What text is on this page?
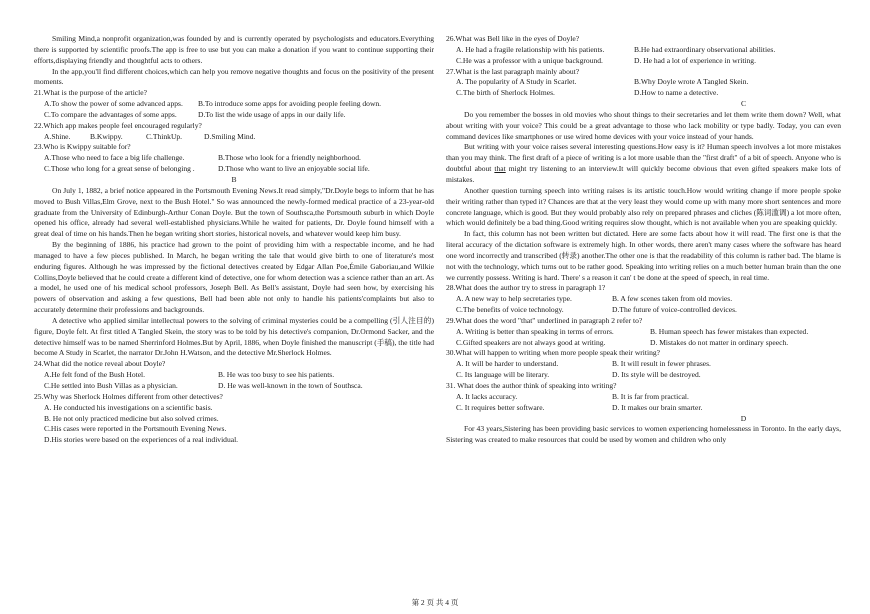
Smiling Mind,a nonprofit organization,was founded by and is currently operated by psychologists and educators.Everything there is supported by scientific proofs.The app is free to use but you can make a donation if you want to continue supporting their efforts,displaying friendly and thoughtful acts to others.

In the app,you'll find different choices,which can help you remove negative thoughts and focus on the positivity of the present moments.

21.What is the purpose of the article?

A.To show the power of some advanced apps. B.To introduce some apps for avoiding people feeling down.
C.To compare the advantages of some apps.	D.To list the wide usage of apps in our daily life.

22.Which app makes people feel encouraged regularly?

A.Shine.	B.Kwippy.	C.ThinkUp.	D.Smiling Mind.

23.Who is Kwippy suitable for?

A.Those who need to face a big life challenge.	B.Those who look for a friendly neighborhood.
C.Those who long for a great sense of belonging .	D.Those who want to live an enjoyable social life.

B

On July 1, 1882, a brief notice appeared in the Portsmouth Evening News.It read simply,"Dr.Doyle begs to inform that he has moved to Bush Villas,Elm Grove, next to the Bush Hotel." So was announced the newly-formed medical practice of a 23-year-old graduate from the University of Edinburgh-Arthur Conan Doyle. But the town of Southsca,the Portsmouth suburb in which Doyle opened his office, already had several well-established physicians.While he waited for patients, Dr. Doyle found himself with a great deal of time on his hands.Then he began writing short stories, historical novels, and whatever would keep him busy.

By the beginning of 1886, his practice had grown to the point of providing him with a respectable income, and he had managed to have a few pieces published. In March, he began writing the tale that would give birth to one of literature's most enduring figures. Although he was impressed by the fictional detectives created by Edgar Allan Poe,Émile Gaboriau,and Wilkie Collins,Doyle believed that he could create a different kind of detective, one for whom detection was a science rather than an art. As a model, he used one of his medical school professors, Joseph Bell. As Bell's assistant, Doyle had seen how, by exercising his powers of observation and asking a few questions, Bell had been able not only to handle his patients'complaints but also to accurately determine their professions and backgrounds.

A detective who applied similar intellectual powers to the solving of criminal mysteries could be a compelling (引人注目的) figure, Doyle felt. At first titled A Tangled Skein, the story was to be told by his detective's companion, Dr.Ormond Sacker, and the detective himself was to be named Sherrinford Holmes.But by April, 1886, when Doyle finished the manuscript (手稿), the title had become A Study in Scarlet, the narrator Dr.John H.Watson, and the detective Mr.Sherlock Holmes.

24.What did the notice reveal about Doyle?

A.He felt fond of the Bush Hotel.	B. He was too busy to see his patients.
C.He settled into Bush Villas as a physician.	D. He was well-known in the town of Southsca.

25.Why was Sherlock Holmes different from other detectives?

A. He conducted his investigations on a scientific basis.
B. He not only practiced medicine but also solved crimes.
C.His cases were reported in the Portsmouth Evening News.
D.His stories were based on the experiences of a real individual.

26.What was Bell like in the eyes of Doyle?

A. He had a fragile relationship with his patients.	B.He had extraordinary observational abilities.
C.He was a professor with a unique background.	D. He had a lot of experience in writing.

27.What is the last paragraph mainly about?

A. The popularity of A Study in Scarlet.	B.Why Doyle wrote A Tangled Skein.
C.The birth of Sherlock Holmes.	D.How to name a detective.

C

Do you remember the bosses in old movies who shout things to their secretaries and let them write them down? Well, what about writing with your voice? This could be a great advantage to those who lack mobility or type badly. Today, you can even command devices like smartphones or use wired home devices with your voice instead of your hands.

But writing with your voice raises several interesting questions.How easy is it? Human speech involves a lot more mistakes than you may think. The first draft of a piece of writing is a lot more usable than the "first draft" of a bit of speech. Anyone who is doubtful about that might try listening to an interview.It will quickly become obvious that even gifted speakers make lots of mistakes.

Another question turning speech into writing raises is its artistic touch.How would writing change if more people spoke their writing rather than typed it? Chances are that at the very least they would come up with many more short sentences and more concrete language, which is good. But they would probably also rely on prepared phrases and cliches (陈词滥调) a lot more often, which would definitely be a bad thing.Good writing requires slow thought, which is not available when you are speaking quickly.

In fact, this column has not been written but dictated. Here are some facts about how it will read. The first one is that the literal accuracy of the dictation software is extremely high. In other words, there aren't many cases where the software has heard one word incorrectly and transcribed (转录) another.The other one is that the readability of this column is rather bad. The blame is not with the technology, which turns out to be rather good. Speaking into writing relies on a much better human brain than the one we currently possess. Writing is hard. There' s a reason it can' t be done at the speed of speech, in real time.

28.What does the author try to stress in paragraph 1?

A. A new way to help secretaries type.	B. A few scenes taken from old movies.
C.The benefits of voice technology.	D.The future of voice-controlled devices.

29.What does the word "that" underlined in paragraph 2 refer to?

A. Writing is better than speaking in terms of errors.	B. Human speech has fewer mistakes than expected.
C.Gifted speakers are not always good at writing.	D. Mistakes do not matter in ordinary speech.

30.What will happen to writing when more people speak their writing?

A. It will be harder to understand.	B. It will result in fewer phrases.
C. Its language will be literary.	D. Its style will be destroyed.

31. What does the author think of speaking into writing?

A. It lacks accuracy.	B. It is far from practical.
C. It requires better software.	D. It makes our brain smarter.

D

For 43 years,Sistering has been providing basic services to women experiencing homelessness in Toronto. In the early days, Sistering was created to make resources that could be used by women and children who only

第 2 页 共 4 页
